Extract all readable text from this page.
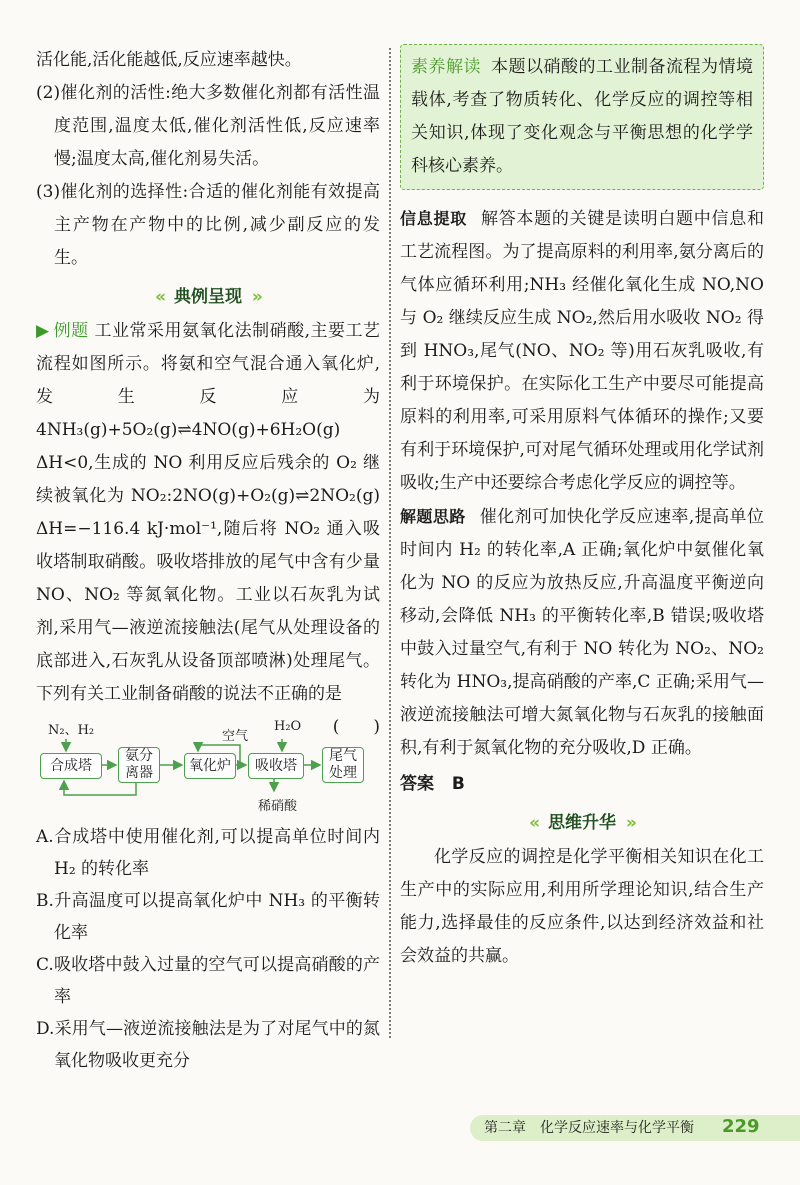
活化能,活化能越低,反应速率越快。

(2)催化剂的活性:绝大多数催化剂都有活性温度范围,温度太低,催化剂活性低,反应速率慢;温度太高,催化剂易失活。

(3)催化剂的选择性:合适的催化剂能有效提高主产物在产物中的比例,减少副反应的发生。

« 典例呈现 »

▶ 例题 工业常采用氨氧化法制硝酸,主要工艺流程如图所示。将氨和空气混合通入氧化炉,发生反应为 4NH₃(g)+5O₂(g)⇌4NO(g)+6H₂O(g) ΔH<0,生成的 NO 利用反应后残余的 O₂ 继续被氧化为 NO₂:2NO(g)+O₂(g)⇌2NO₂(g) ΔH=−116.4 kJ·mol⁻¹,随后将 NO₂ 通入吸收塔制取硝酸。吸收塔排放的尾气中含有少量 NO、NO₂ 等氮氧化物。工业以石灰乳为试剂,采用气—液逆流接触法(尾气从处理设备的底部进入,石灰乳从设备顶部喷淋)处理尾气。下列有关工业制备硝酸的说法不正确的是
(　　)

N₂、H₂	空气
H₂O
稀硝酸
合成塔
氨分
离器	氧化炉 吸收塔
尾气
处理

A.合成塔中使用催化剂,可以提高单位时间内 H₂ 的转化率

B.升高温度可以提高氧化炉中 NH₃ 的平衡转化率

C.吸收塔中鼓入过量的空气可以提高硝酸的产率

D.采用气—液逆流接触法是为了对尾气中的氮氧化物吸收更充分

素养解读 本题以硝酸的工业制备流程为情境载体,考查了物质转化、化学反应的调控等相关知识,体现了变化观念与平衡思想的化学学科核心素养。

信息提取 解答本题的关键是读明白题中信息和工艺流程图。为了提高原料的利用率,氨分离后的气体应循环利用;NH₃ 经催化氧化生成 NO,NO 与 O₂ 继续反应生成 NO₂,然后用水吸收 NO₂ 得到 HNO₃,尾气(NO、NO₂ 等)用石灰乳吸收,有利于环境保护。在实际化工生产中要尽可能提高原料的利用率,可采用原料气体循环的操作;又要有利于环境保护,可对尾气循环处理或用化学试剂吸收;生产中还要综合考虑化学反应的调控等。

解题思路 催化剂可加快化学反应速率,提高单位时间内 H₂ 的转化率,A 正确;氧化炉中氨催化氧化为 NO 的反应为放热反应,升高温度平衡逆向移动,会降低 NH₃ 的平衡转化率,B 错误;吸收塔中鼓入过量空气,有利于 NO 转化为 NO₂、NO₂ 转化为 HNO₃,提高硝酸的产率,C 正确;采用气—液逆流接触法可增大氮氧化物与石灰乳的接触面积,有利于氮氧化物的充分吸收,D 正确。

答案 B
« 思维升华 »

化学反应的调控是化学平衡相关知识在化工生产中的实际应用,利用所学理论知识,结合生产能力,选择最佳的反应条件,以达到经济效益和社会效益的共赢。

第二章　化学反应速率与化学平衡 229
